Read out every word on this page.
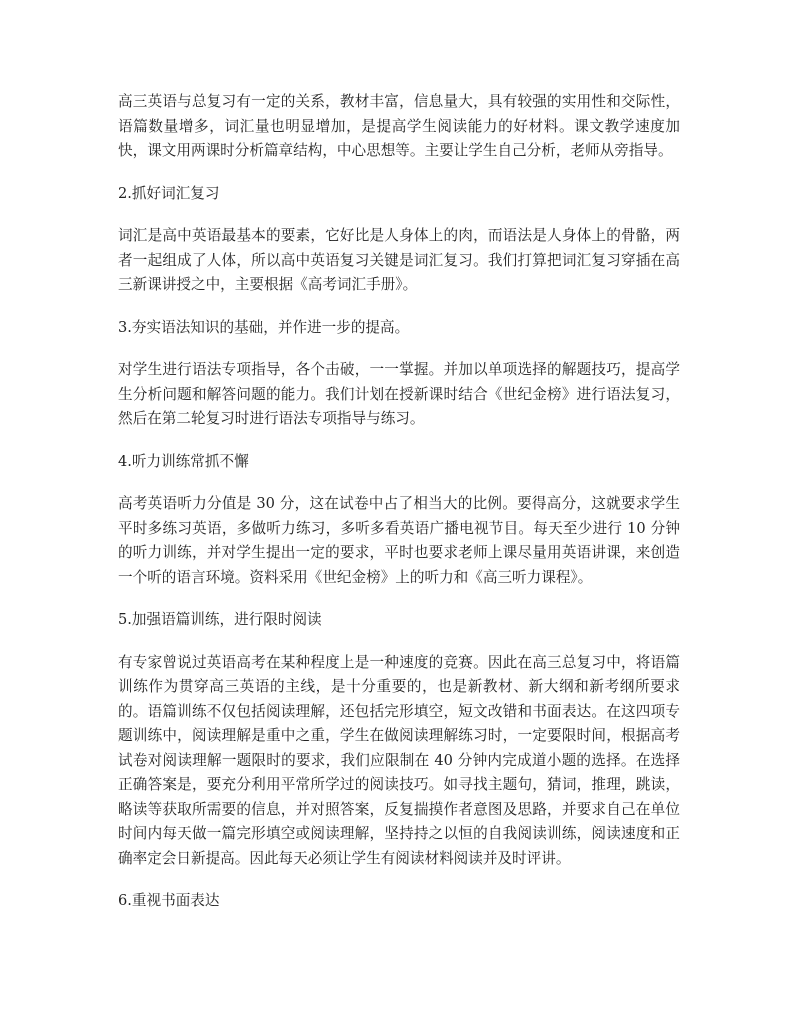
高三英语与总复习有一定的关系，教材丰富，信息量大，具有较强的实用性和交际性，语篇数量增多，词汇量也明显增加，是提高学生阅读能力的好材料。课文教学速度加快，课文用两课时分析篇章结构，中心思想等。主要让学生自己分析，老师从旁指导。

2.抓好词汇复习

词汇是高中英语最基本的要素，它好比是人身体上的肉，而语法是人身体上的骨骼，两者一起组成了人体，所以高中英语复习关键是词汇复习。我们打算把词汇复习穿插在高三新课讲授之中，主要根据《高考词汇手册》。

3.夯实语法知识的基础，并作进一步的提高。

对学生进行语法专项指导，各个击破，一一掌握。并加以单项选择的解题技巧，提高学生分析问题和解答问题的能力。我们计划在授新课时结合《世纪金榜》进行语法复习，然后在第二轮复习时进行语法专项指导与练习。

4.听力训练常抓不懈

高考英语听力分值是 30 分，这在试卷中占了相当大的比例。要得高分，这就要求学生平时多练习英语，多做听力练习，多听多看英语广播电视节目。每天至少进行 10 分钟的听力训练，并对学生提出一定的要求，平时也要求老师上课尽量用英语讲课，来创造一个听的语言环境。资料采用《世纪金榜》上的听力和《高三听力课程》。

5.加强语篇训练，进行限时阅读

有专家曾说过英语高考在某种程度上是一种速度的竞赛。因此在高三总复习中，将语篇训练作为贯穿高三英语的主线，是十分重要的，也是新教材、新大纲和新考纲所要求的。语篇训练不仅包括阅读理解，还包括完形填空，短文改错和书面表达。在这四项专题训练中，阅读理解是重中之重，学生在做阅读理解练习时，一定要限时间，根据高考试卷对阅读理解一题限时的要求，我们应限制在 40 分钟内完成道小题的选择。在选择正确答案是，要充分利用平常所学过的阅读技巧。如寻找主题句，猜词，推理，跳读，略读等获取所需要的信息，并对照答案，反复揣摸作者意图及思路，并要求自己在单位时间内每天做一篇完形填空或阅读理解，坚持持之以恒的自我阅读训练，阅读速度和正确率定会日新提高。因此每天必须让学生有阅读材料阅读并及时评讲。

6.重视书面表达
